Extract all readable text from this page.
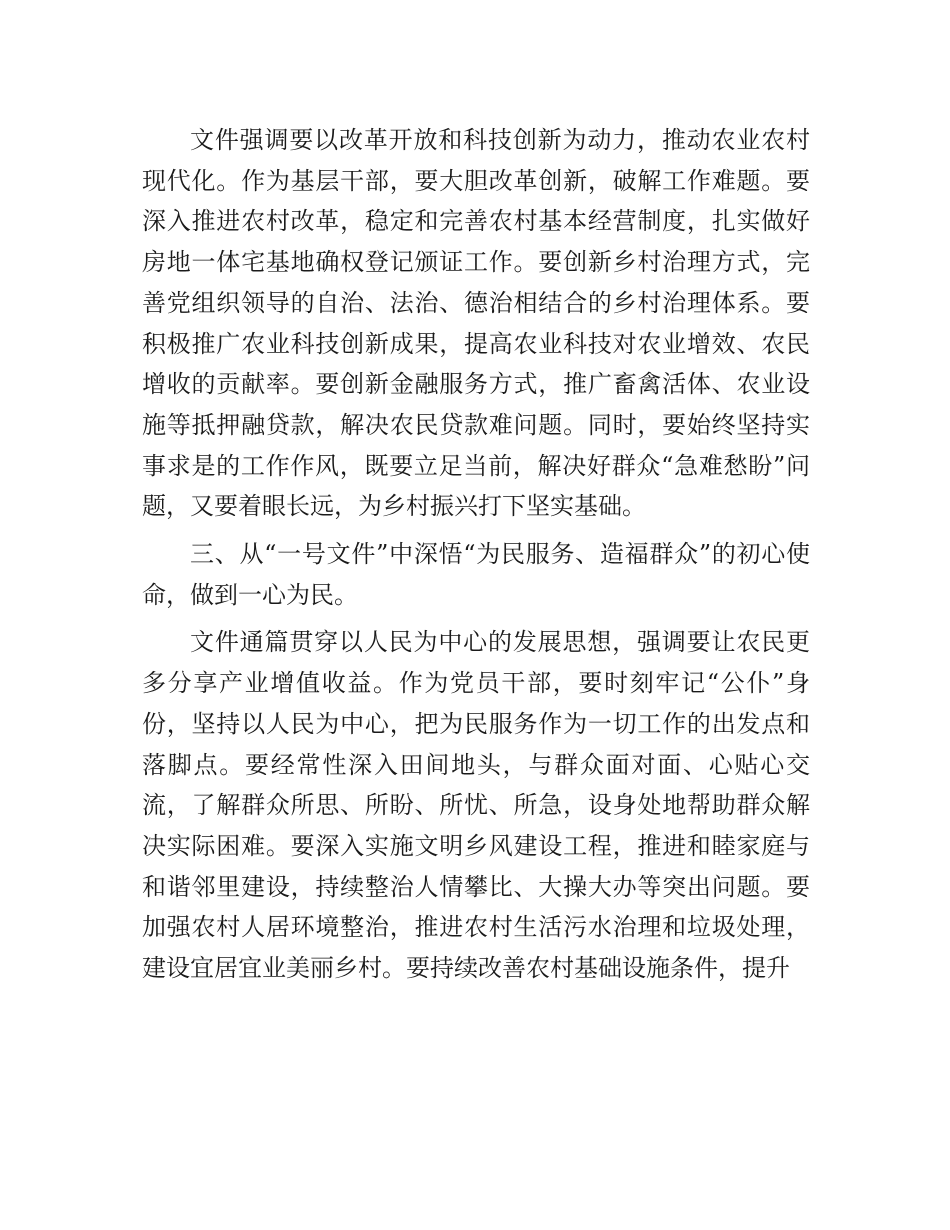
文件强调要以改革开放和科技创新为动力，推动农业农村现代化。作为基层干部，要大胆改革创新，破解工作难题。要深入推进农村改革，稳定和完善农村基本经营制度，扎实做好房地一体宅基地确权登记颁证工作。要创新乡村治理方式，完善党组织领导的自治、法治、德治相结合的乡村治理体系。要积极推广农业科技创新成果，提高农业科技对农业增效、农民增收的贡献率。要创新金融服务方式，推广畜禽活体、农业设施等抵押融贷款，解决农民贷款难问题。同时，要始终坚持实事求是的工作作风，既要立足当前，解决好群众“急难愁盼”问题，又要着眼长远，为乡村振兴打下坚实基础。

三、从“一号文件”中深悟“为民服务、造福群众”的初心使命，做到一心为民。

文件通篇贯穿以人民为中心的发展思想，强调要让农民更多分享产业增值收益。作为党员干部，要时刻牢记“公仆”身份，坚持以人民为中心，把为民服务作为一切工作的出发点和落脚点。要经常性深入田间地头，与群众面对面、心贴心交流，了解群众所思、所盼、所忧、所急，设身处地帮助群众解决实际困难。要深入实施文明乡风建设工程，推进和睦家庭与和谐邻里建设，持续整治人情攀比、大操大办等突出问题。要加强农村人居环境整治，推进农村生活污水治理和垃圾处理，建设宜居宜业美丽乡村。要持续改善农村基础设施条件，提升
